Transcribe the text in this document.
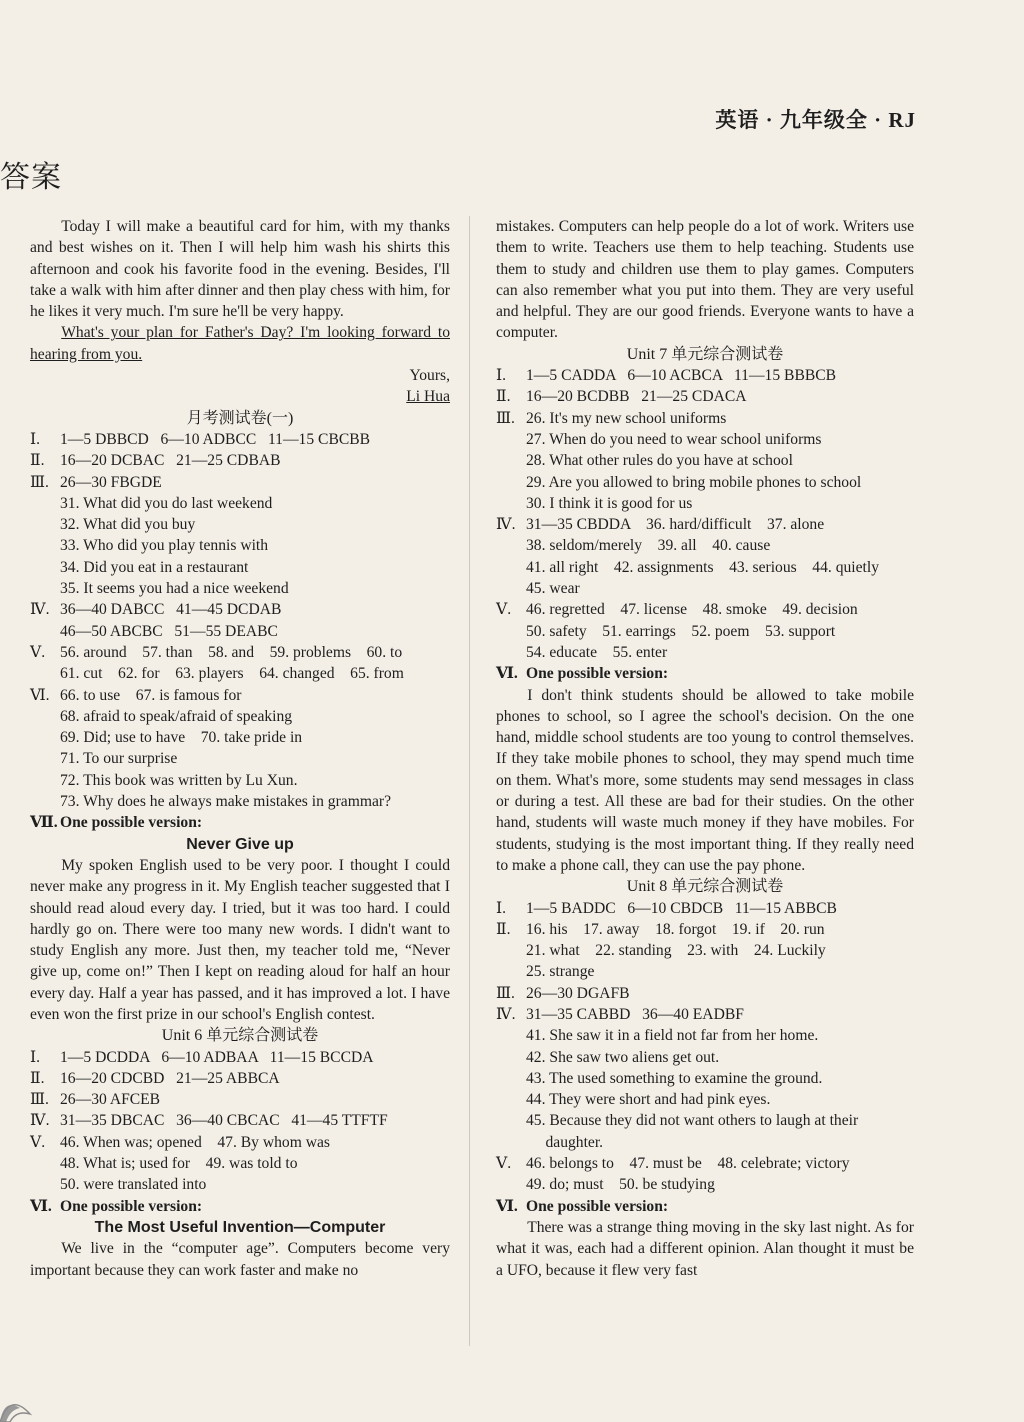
英语 · 九年级全 · RJ
答案

Today I will make a beautiful card for him, with my thanks and best wishes on it. Then I will help him wash his shirts this afternoon and cook his favorite food in the evening. Besides, I'll take a walk with him after dinner and then play chess with him, for he likes it very much. I'm sure he'll be very happy.

What's your plan for Father's Day? I'm looking forward to hearing from you.

Yours,

Li Hua

月考测试卷(一)

Ⅰ.	1—5 DBBCD   6—10 ADBCC   11—15 CBCBB
Ⅱ. 16—20 DCBAC   21—25 CDBAB
Ⅲ. 26—30 FBGDE
31. What did you do last weekend
32. What did you buy
33. Who did you play tennis with
34. Did you eat in a restaurant
35. It seems you had a nice weekend
Ⅳ. 36—40 DABCC   41—45 DCDAB
46—50 ABCBC   51—55 DEABC
Ⅴ. 56. around    57. than    58. and    59. problems    60. to
61. cut    62. for    63. players    64. changed    65. from
Ⅵ. 66. to use    67. is famous for
68. afraid to speak/afraid of speaking
69. Did; use to have    70. take pride in
71. To our surprise
72. This book was written by Lu Xun.
73. Why does he always make mistakes in grammar?
Ⅶ. One possible version:

Never Give up

My spoken English used to be very poor. I thought I could never make any progress in it. My English teacher suggested that I should read aloud every day. I tried, but it was too hard. I could hardly go on. There were too many new words. I didn't want to study English any more. Just then, my teacher told me, “Never give up, come on!” Then I kept on reading aloud for half an hour every day. Half a year has passed, and it has improved a lot. I have even won the first prize in our school's English contest.

Unit 6 单元综合测试卷

Ⅰ.	1—5 DCDDA   6—10 ADBAA   11—15 BCCDA
Ⅱ. 16—20 CDCBD   21—25 ABBCA
Ⅲ. 26—30 AFCEB
Ⅳ. 31—35 DBCAC   36—40 CBCAC   41—45 TTFTF
Ⅴ. 46. When was; opened    47. By whom was
48. What is; used for    49. was told to
50. were translated into
Ⅵ. One possible version:

The Most Useful Invention—Computer

We live in the “computer age”. Computers become very important because they can work faster and make no

mistakes. Computers can help people do a lot of work. Writers use them to write. Teachers use them to help teaching. Students use them to study and children use them to play games. Computers can also remember what you put into them. They are very useful and helpful. They are our good friends. Everyone wants to have a computer.

Unit 7 单元综合测试卷

Ⅰ.	1—5 CADDA   6—10 ACBCA   11—15 BBBCB
Ⅱ. 16—20 BCDBB   21—25 CDACA
Ⅲ. 26. It's my new school uniforms
27. When do you need to wear school uniforms
28. What other rules do you have at school
29. Are you allowed to bring mobile phones to school
30. I think it is good for us
Ⅳ. 31—35 CBDDA    36. hard/difficult    37. alone
38. seldom/merely    39. all    40. cause
41. all right    42. assignments    43. serious    44. quietly
45. wear
Ⅴ. 46. regretted    47. license    48. smoke    49. decision
50. safety    51. earrings    52. poem    53. support
54. educate    55. enter
Ⅵ. One possible version:

I don't think students should be allowed to take mobile phones to school, so I agree the school's decision. On the one hand, middle school students are too young to control themselves. If they take mobile phones to school, they may spend much time on them. What's more, some students may send messages in class or during a test. All these are bad for their studies. On the other hand, students will waste much money if they have mobiles. For students, studying is the most important thing. If they really need to make a phone call, they can use the pay phone.

Unit 8 单元综合测试卷

Ⅰ.	1—5 BADDC   6—10 CBDCB   11—15 ABBCB
Ⅱ. 16. his    17. away    18. forgot    19. if    20. run
21. what    22. standing    23. with    24. Luckily
25. strange
Ⅲ. 26—30 DGAFB
Ⅳ. 31—35 CABBD   36—40 EADBF
41. She saw it in a field not far from her home.
42. She saw two aliens get out.
43. The used something to examine the ground.
44. They were short and had pink eyes.
45. Because they did not want others to laugh at their
daughter.
Ⅴ. 46. belongs to    47. must be    48. celebrate; victory
49. do; must    50. be studying
Ⅵ. One possible version:

There was a strange thing moving in the sky last night. As for what it was, each had a different opinion. Alan thought it must be a UFO, because it flew very fast
